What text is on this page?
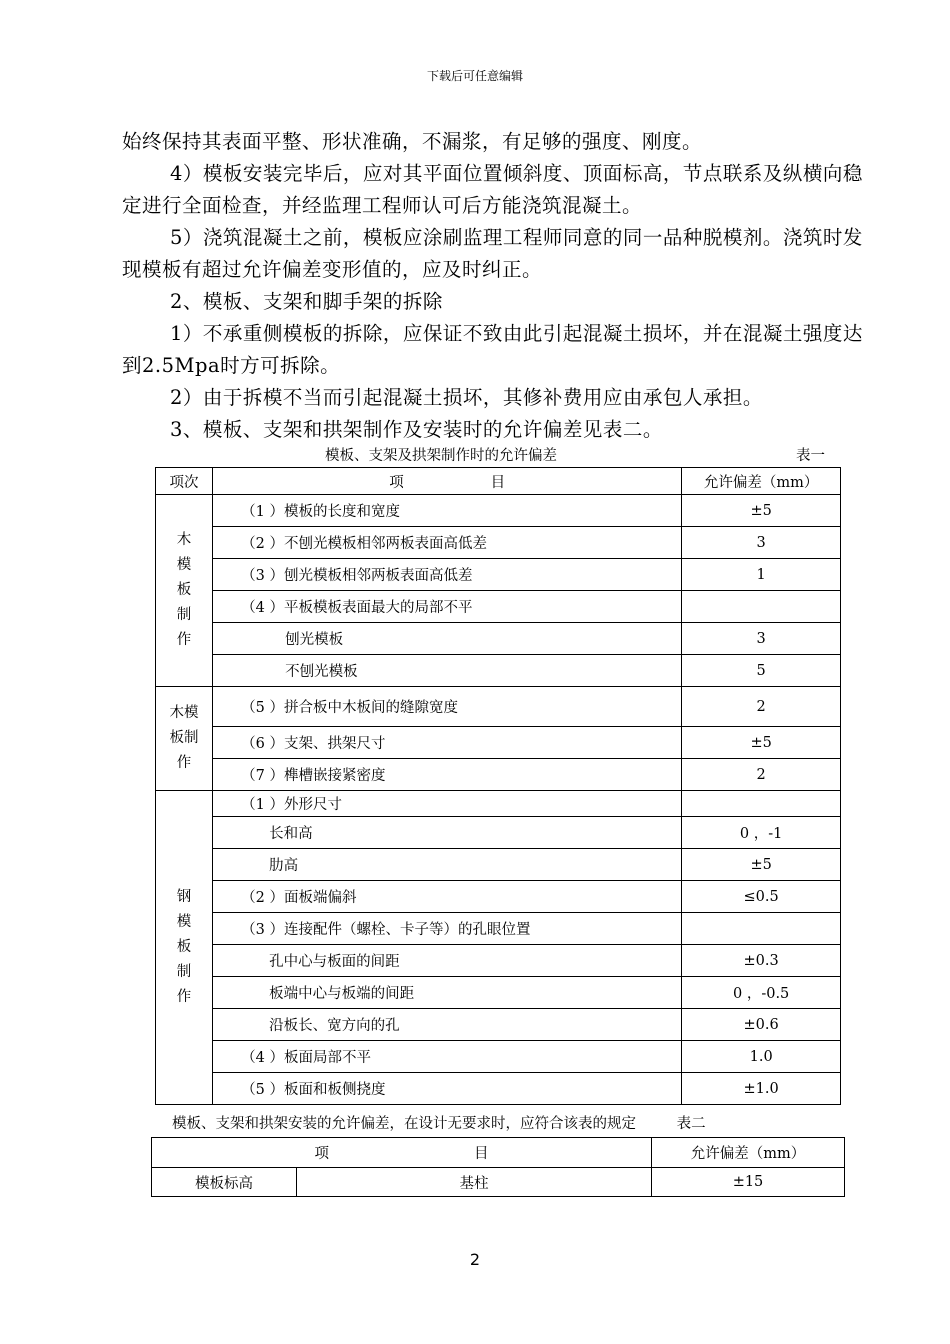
下载后可任意编辑
始终保持其表面平整、形状准确，不漏浆，有足够的强度、刚度。
4）模板安装完毕后，应对其平面位置倾斜度、顶面标高，节点联系及纵横向稳定进行全面检查，并经监理工程师认可后方能浇筑混凝土。
5）浇筑混凝土之前，模板应涂刷监理工程师同意的同一品种脱模剂。浇筑时发现模板有超过允许偏差变形值的，应及时纠正。
2、模板、支架和脚手架的拆除
1）不承重侧模板的拆除，应保证不致由此引起混凝土损坏，并在混凝土强度达到2.5Mpa时方可拆除。
2）由于拆模不当而引起混凝土损坏，其修补费用应由承包人承担。
3、模板、支架和拱架制作及安装时的允许偏差见表二。
模板、支架及拱架制作时的允许偏差	表一
项次	项　　　　　　目	允许偏差（mm）
木
模
板
制
作	（1 ）模板的长度和宽度	±5
	（2 ）不刨光模板相邻两板表面高低差	3
	（3 ）刨光模板相邻两板表面高低差	1
	（4 ）平板模板表面最大的局部不平	
	刨光模板	3
	不刨光模板	5
木模
板制
作	（5 ）拼合板中木板间的缝隙宽度	2
	（6 ）支架、拱架尺寸	±5
	（7 ）榫槽嵌接紧密度	2
钢
模
板
制
作	（1 ）外形尺寸	
	长和高	0 ，-1
	肋高	±5
	（2 ）面板端偏斜	≤0.5
	（3 ）连接配件（螺栓、卡子等）的孔眼位置	
	孔中心与板面的间距	±0.3
	板端中心与板端的间距	0 ，-0.5
	沿板长、宽方向的孔	±0.6
	（4 ）板面局部不平	1.0
	（5 ）板面和板侧挠度	±1.0
模板、支架和拱架安装的允许偏差，在设计无要求时，应符合该表的规定	表二
项　　　　　　　　　　目		允许偏差（mm）
模板标高	基柱	±15
2
